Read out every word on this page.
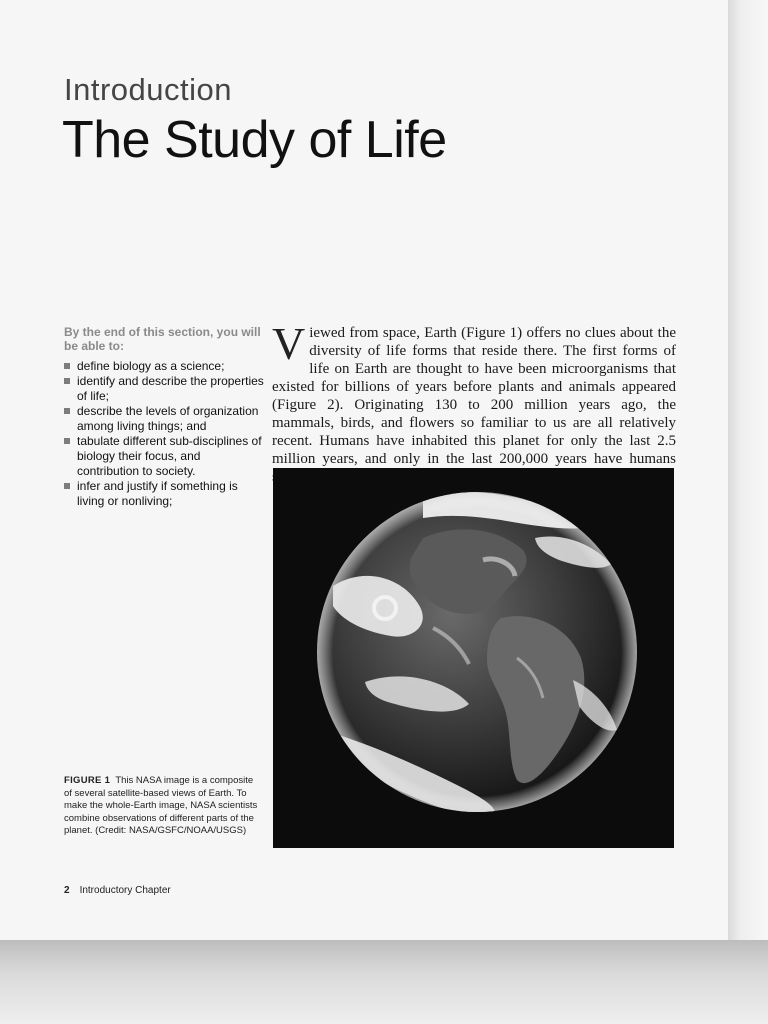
Introduction
The Study of Life

By the end of this section, you will be able to:

define biology as a science;
identify and describe the properties of life;
describe the levels of organization among living things; and
tabulate different sub-disciplines of biology their focus, and contribution to society.
infer and justify if something is living or nonliving;

Viewed from space, Earth (Figure 1) offers no clues about the diversity of life forms that reside there. The first forms of life on Earth are thought to have been microorganisms that existed for billions of years before plants and animals appeared (Figure 2). Originating 130 to 200 million years ago, the mammals, birds, and flowers so familiar to us are all relatively recent. Humans have inhabited this planet for only the last 2.5 million years, and only in the last 200,000 years have humans

FIGURE 1 This NASA image is a composite of several satellite-based views of Earth. To make the whole-Earth image, NASA scientists combine observations of different parts of the planet. (Credit: NASA/GSFC/NOAA/USGS)
2 Introductory Chapter
